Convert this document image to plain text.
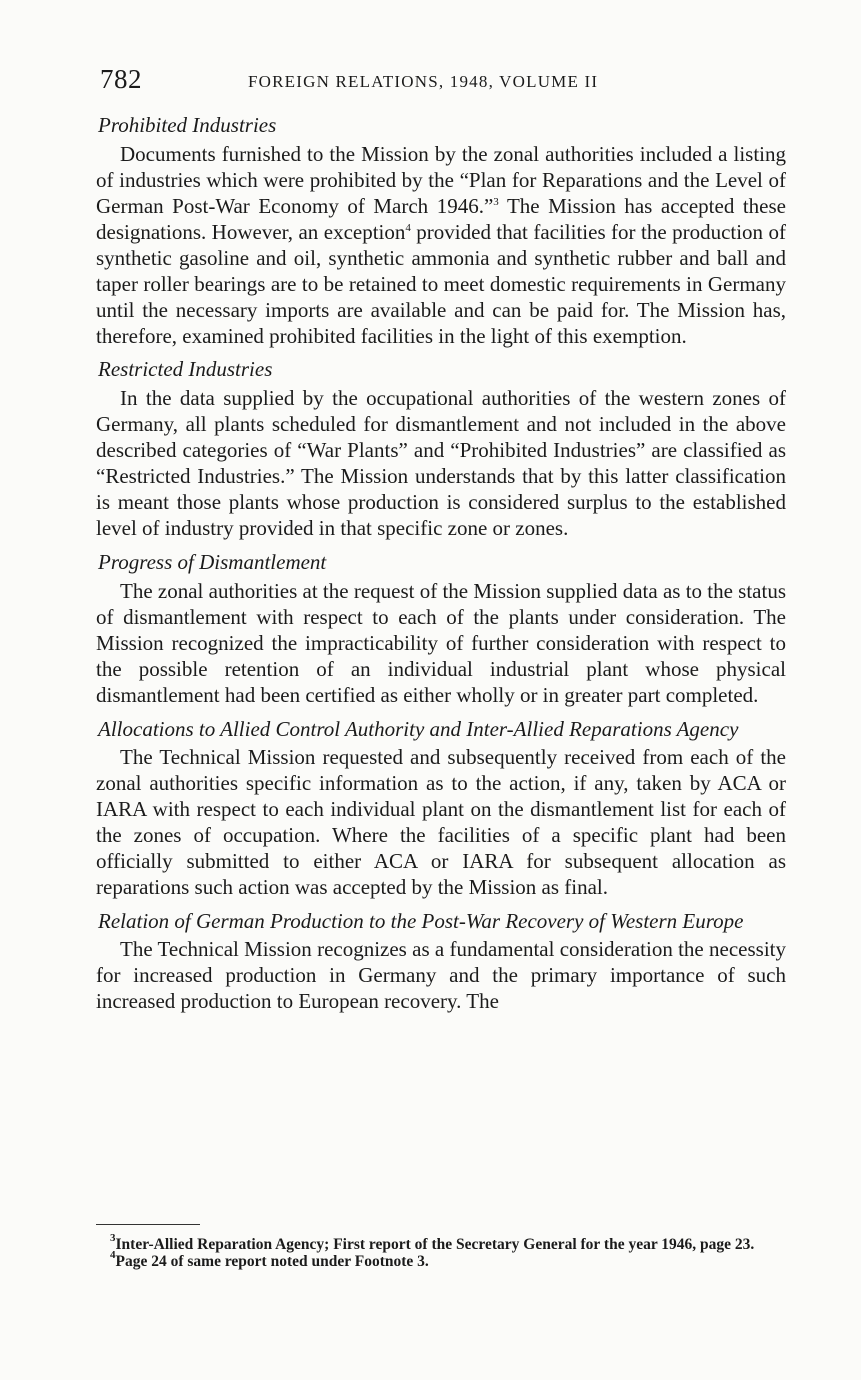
782	FOREIGN RELATIONS, 1948, VOLUME II
Prohibited Industries

Documents furnished to the Mission by the zonal authorities included a listing of industries which were prohibited by the “Plan for Reparations and the Level of German Post-War Economy of March 1946.”$^3$ The Mission has accepted these designations. However, an exception$^4$ provided that facilities for the production of synthetic gasoline and oil, synthetic ammonia and synthetic rubber and ball and taper roller bearings are to be retained to meet domestic requirements in Germany until the necessary imports are available and can be paid for. The Mission has, therefore, examined prohibited facilities in the light of this exemption.

Restricted Industries

In the data supplied by the occupational authorities of the western zones of Germany, all plants scheduled for dismantlement and not included in the above described categories of “War Plants” and “Prohibited Industries” are classified as “Restricted Industries.” The Mission understands that by this latter classification is meant those plants whose production is considered surplus to the established level of industry provided in that specific zone or zones.

Progress of Dismantlement

The zonal authorities at the request of the Mission supplied data as to the status of dismantlement with respect to each of the plants under consideration. The Mission recognized the impracticability of further consideration with respect to the possible retention of an individual industrial plant whose physical dismantlement had been certified as either wholly or in greater part completed.

Allocations to Allied Control Authority and Inter-Allied Reparations Agency

The Technical Mission requested and subsequently received from each of the zonal authorities specific information as to the action, if any, taken by ACA or IARA with respect to each individual plant on the dismantlement list for each of the zones of occupation. Where the facilities of a specific plant had been officially submitted to either ACA or IARA for subsequent allocation as reparations such action was accepted by the Mission as final.

Relation of German Production to the Post-War Recovery of Western Europe

The Technical Mission recognizes as a fundamental consideration the necessity for increased production in Germany and the primary importance of such increased production to European recovery. The

$^3$Inter-Allied Reparation Agency; First report of the Secretary General for the year 1946, page 23.

$^4$Page 24 of same report noted under Footnote 3.
